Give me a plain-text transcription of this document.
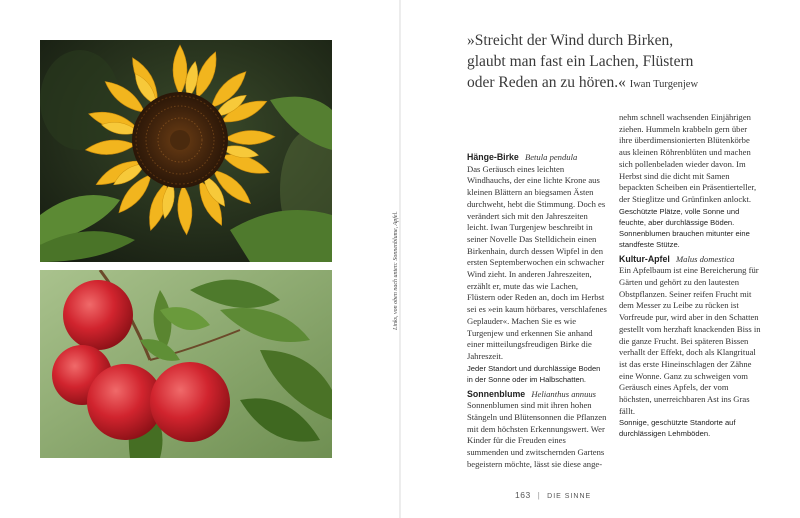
Links, von oben nach unten: Sonnenblume, Apfel.
»Streicht der Wind durch Birken,
glaubt man fast ein Lachen, Flüstern
oder Reden an zu hören.« Iwan Turgenjew

Hänge-Birke Betula pendula

Das Geräusch eines leichten Windhauchs, der eine lichte Krone aus kleinen Blättern an biegsamen Ästen durchweht, hebt die Stimmung. Doch es verändert sich mit den Jahreszeiten leicht. Iwan Turgenjew beschreibt in seiner Novelle Das Stelldichein einen Birkenhain, durch dessen Wipfel in den ersten Septemberwochen ein schwacher Wind zieht. In anderen Jahreszeiten, erzählt er, mute das wie Lachen, Flüstern oder Reden an, doch im Herbst sei es »ein kaum hörbares, verschlafenes Geplauder«. Machen Sie es wie Turgenjew und erkennen Sie anhand einer mitteilungsfreudigen Birke die Jahreszeit.

Jeder Standort und durchlässige Boden in der Sonne oder im Halbschatten.

Sonnenblume Helianthus annuus

Sonnenblumen sind mit ihren hohen Stängeln und Blütensonnen die Pflanzen mit dem höchsten Erkennungswert. Wer Kinder für die Freuden eines summenden und zwitschernden Gartens begeistern möchte, lässt sie diese ange-

nehm schnell wachsenden Einjährigen ziehen. Hummeln krabbeln gern über ihre überdimensionierten Blütenkörbe aus kleinen Röhrenblüten und machen sich pollenbeladen wieder davon. Im Herbst sind die dicht mit Samen bepackten Scheiben ein Präsentierteller, der Stieglitze und Grünfinken anlockt.

Geschützte Plätze, volle Sonne und feuchte, aber durchlässige Böden. Sonnenblumen brauchen mitunter eine standfeste Stütze.

Kultur-Apfel Malus domestica

Ein Apfelbaum ist eine Bereicherung für Gärten und gehört zu den lautesten Obstpflanzen. Seiner reifen Frucht mit dem Messer zu Leibe zu rücken ist Vorfreude pur, wird aber in den Schatten gestellt vom herzhaft knackenden Biss in die ganze Frucht. Bei späteren Bissen verhallt der Effekt, doch als Klangritual ist das erste Hineinschlagen der Zähne eine Wonne. Ganz zu schweigen vom Geräusch eines Apfels, der vom höchsten, unerreichbaren Ast ins Gras fällt.

Sonnige, geschützte Standorte auf durchlässigen Lehmböden.

163 | DIE SINNE
